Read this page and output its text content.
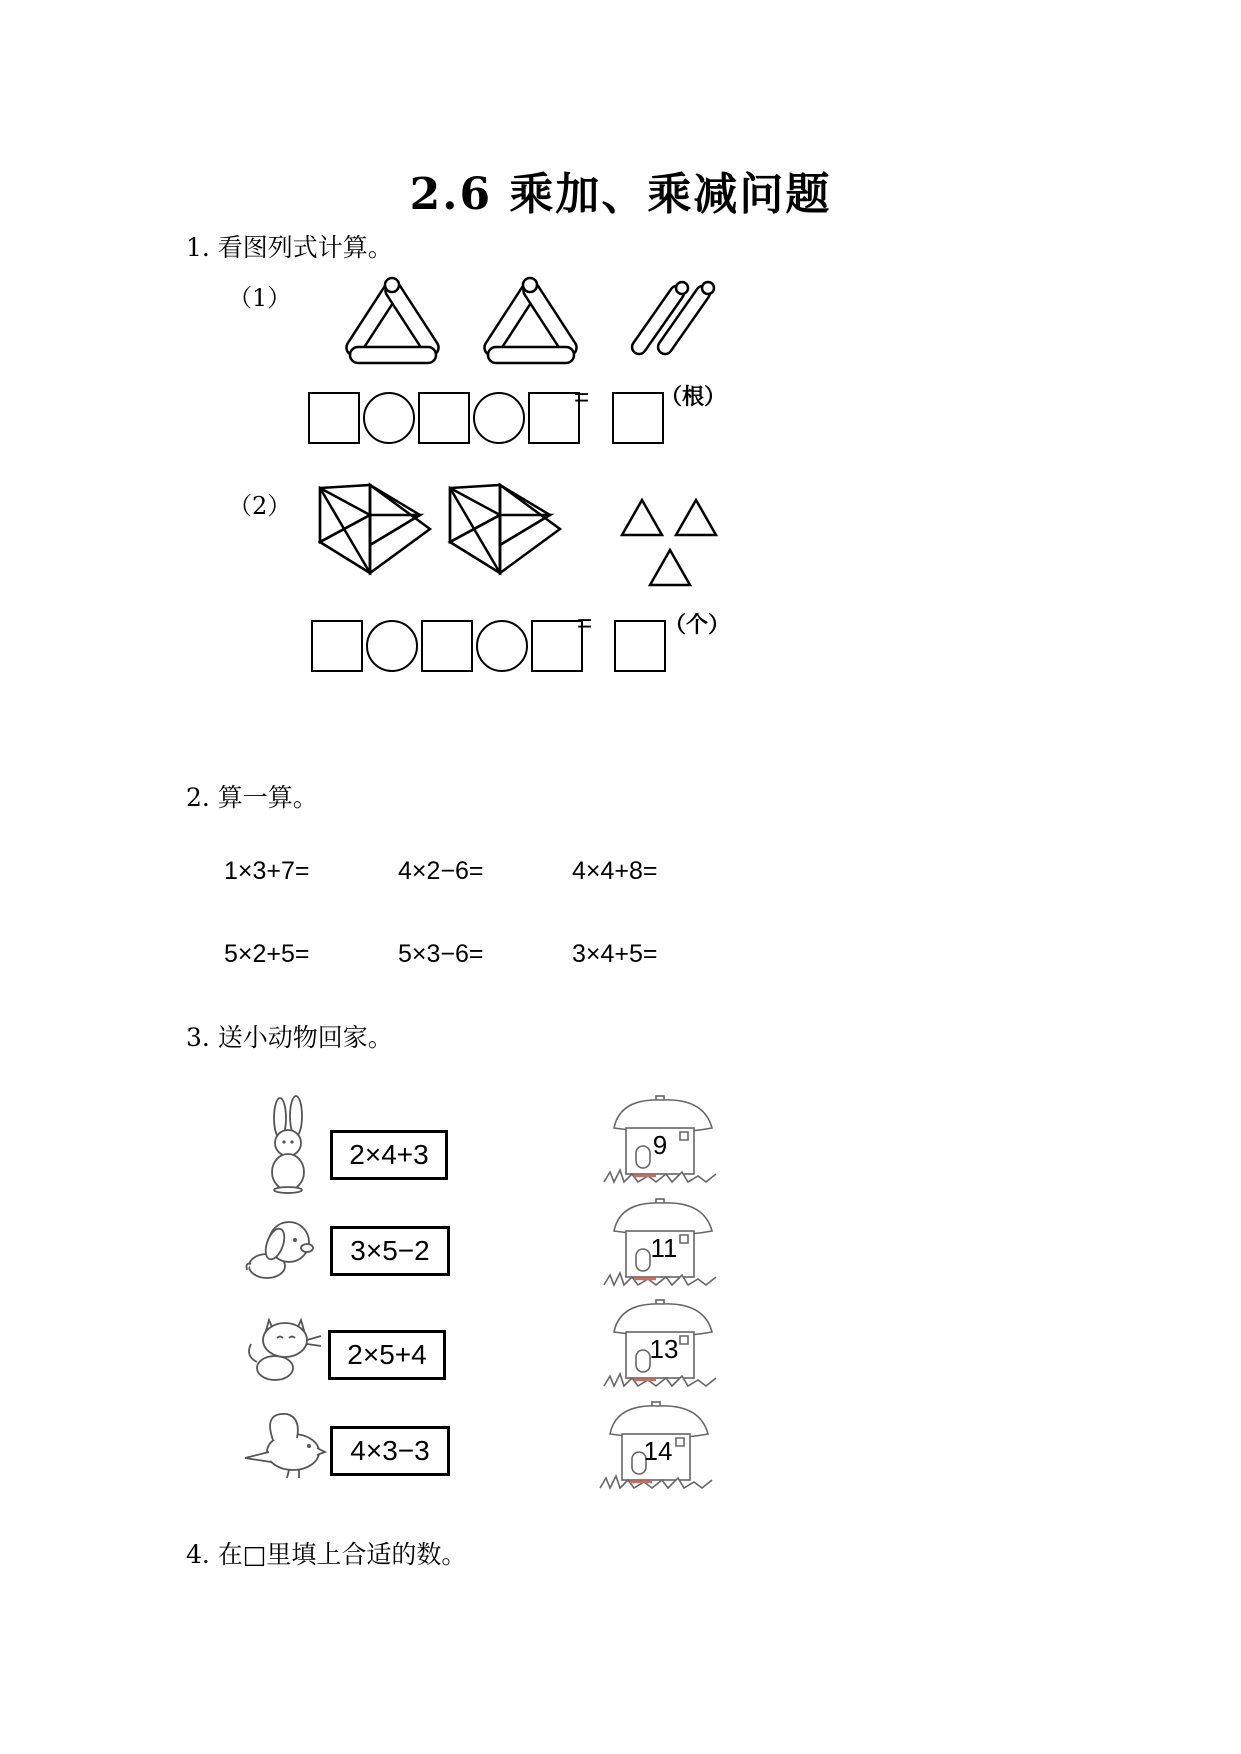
2.6 乘加、乘减问题
1. 看图列式计算。
（1）
=	（根）
（2）
=	（个）
2. 算一算。
1×3+7=	4×2−6=	4×4+8=
5×2+5=	5×3−6=	3×4+5=
3. 送小动物回家。
2×4+3
3×5−2
2×5+4
4×3−3
9
11
13
14
4. 在□里填上合适的数。
